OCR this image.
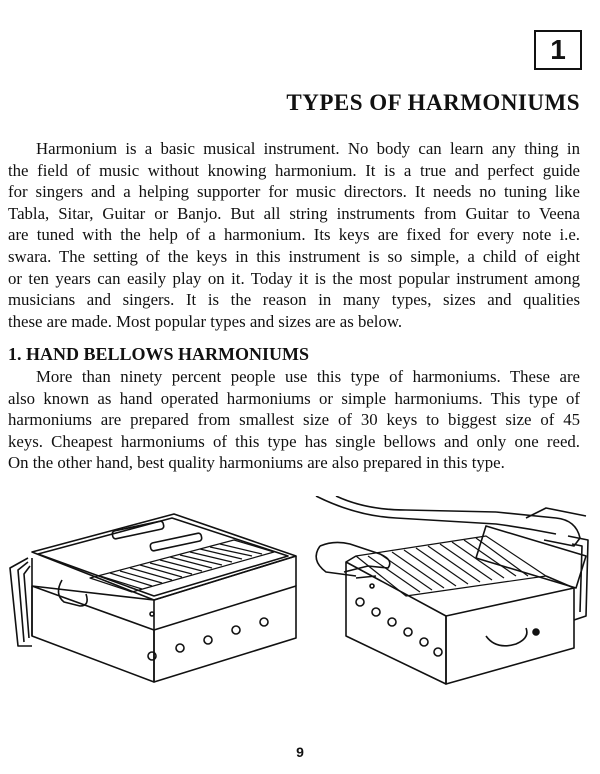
1
TYPES OF HARMONIUMS
Harmonium is a basic musical instrument. No body can learn any thing in
the field of music without knowing harmonium. It is a true and perfect guide
for singers and a helping supporter for music directors. It needs no tuning like
Tabla, Sitar, Guitar or Banjo. But all string instruments from Guitar to Veena
are tuned with the help of a harmonium. Its keys are fixed for every note i.e.
swara. The setting of the keys in this instrument is so simple, a child of eight
or ten years can easily play on it. Today it is the most popular instrument among
musicians and singers. It is the reason in many types, sizes and qualities
these are made. Most popular types and sizes are as below.
1. HAND BELLOWS HARMONIUMS
More than ninety percent people use this type of harmoniums. These are
also known as hand operated harmoniums or simple harmoniums. This type of
harmoniums are prepared from smallest size of 30 keys to biggest size of 45
keys. Cheapest harmoniums of this type has single bellows and only one reed.
On the other hand, best quality harmoniums are also prepared in this type.
9
